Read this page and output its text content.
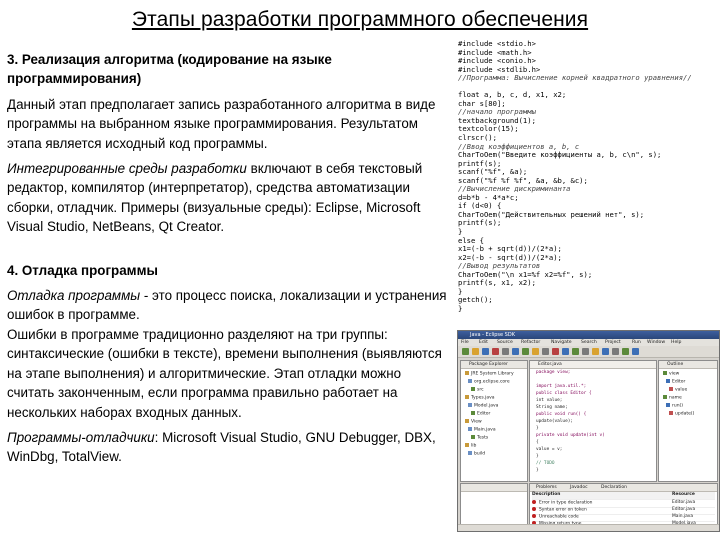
Этапы разработки программного обеспечения
3. Реализация алгоритма (кодирование на языке программирования)

Данный этап предполагает запись разработанного алгоритма в виде программы на выбранном языке программирования. Результатом этапа является исходный код программы.

Интегрированные среды разработки включают в себя текстовый редактор, компилятор (интерпретатор), средства автоматизации сборки, отладчик. Примеры (визуальные среды): Eclipse, Microsoft Visual Studio, NetBeans, Qt Creator.

4. Отладка программы

Отладка программы - это процесс поиска, локализации и устранения ошибок в программе.
Ошибки в программе традиционно разделяют на три группы: синтаксические (ошибки в тексте), времени выполнения (выявляются на этапе выполнения) и алгоритмические. Этап отладки можно считать законченным, если программа правильно работает на нескольких наборах входных данных.

Программы-отладчики: Microsoft Visual Studio, GNU Debugger, DBX, WinDbg, TotalView.

#include <stdio.h>
#include <math.h>
#include <conio.h>
#include <stdlib.h>
//Программа: Вычисление корней квадратного уравнения//

float a, b, c, d, x1, x2;
char s[80];
//начало программы
textbackground(1);
textcolor(15);
clrscr();
//Ввод коэффициентов a, b, c
CharToOem("Введите коэффициенты a, b, c\n", s);
printf(s);
scanf("%f", &a);
scanf("%f %f %f", &a, &b, &c);
//Вычисление дискриминанта
d=b*b - 4*a*c;
if (d<0) {
CharToOem("Действительных решений нет", s);
printf(s);
}
else {
x1=(-b + sqrt(d))/(2*a);
x2=(-b - sqrt(d))/(2*a);
//Вывод результатов
CharToOem("\n x1=%f x2=%f", s);
printf(s, x1, x2);
}
getch();
}
Java - Eclipse SDK
File Edit Source Refactor Navigate Search Project Run Window Help
Package Explorer
JRE System Library
org.eclipse.core
src
Types.java
Model.java
Editor
View
Main.java
Tests
lib
build
Editor.java
package view;
import java.util.*;
public class Editor {
int value;
String name;
public void run() {
update(value);
}
private void update(int v)
{
value = v;
}
// TODO
}
Outline
view
Editor
value
name
run()
update()
Problems	Javadoc	Declaration
Description	Resource
Error in type declaration	Editor.java
Syntax error on token	Editor.java
Unreachable code	Main.java
